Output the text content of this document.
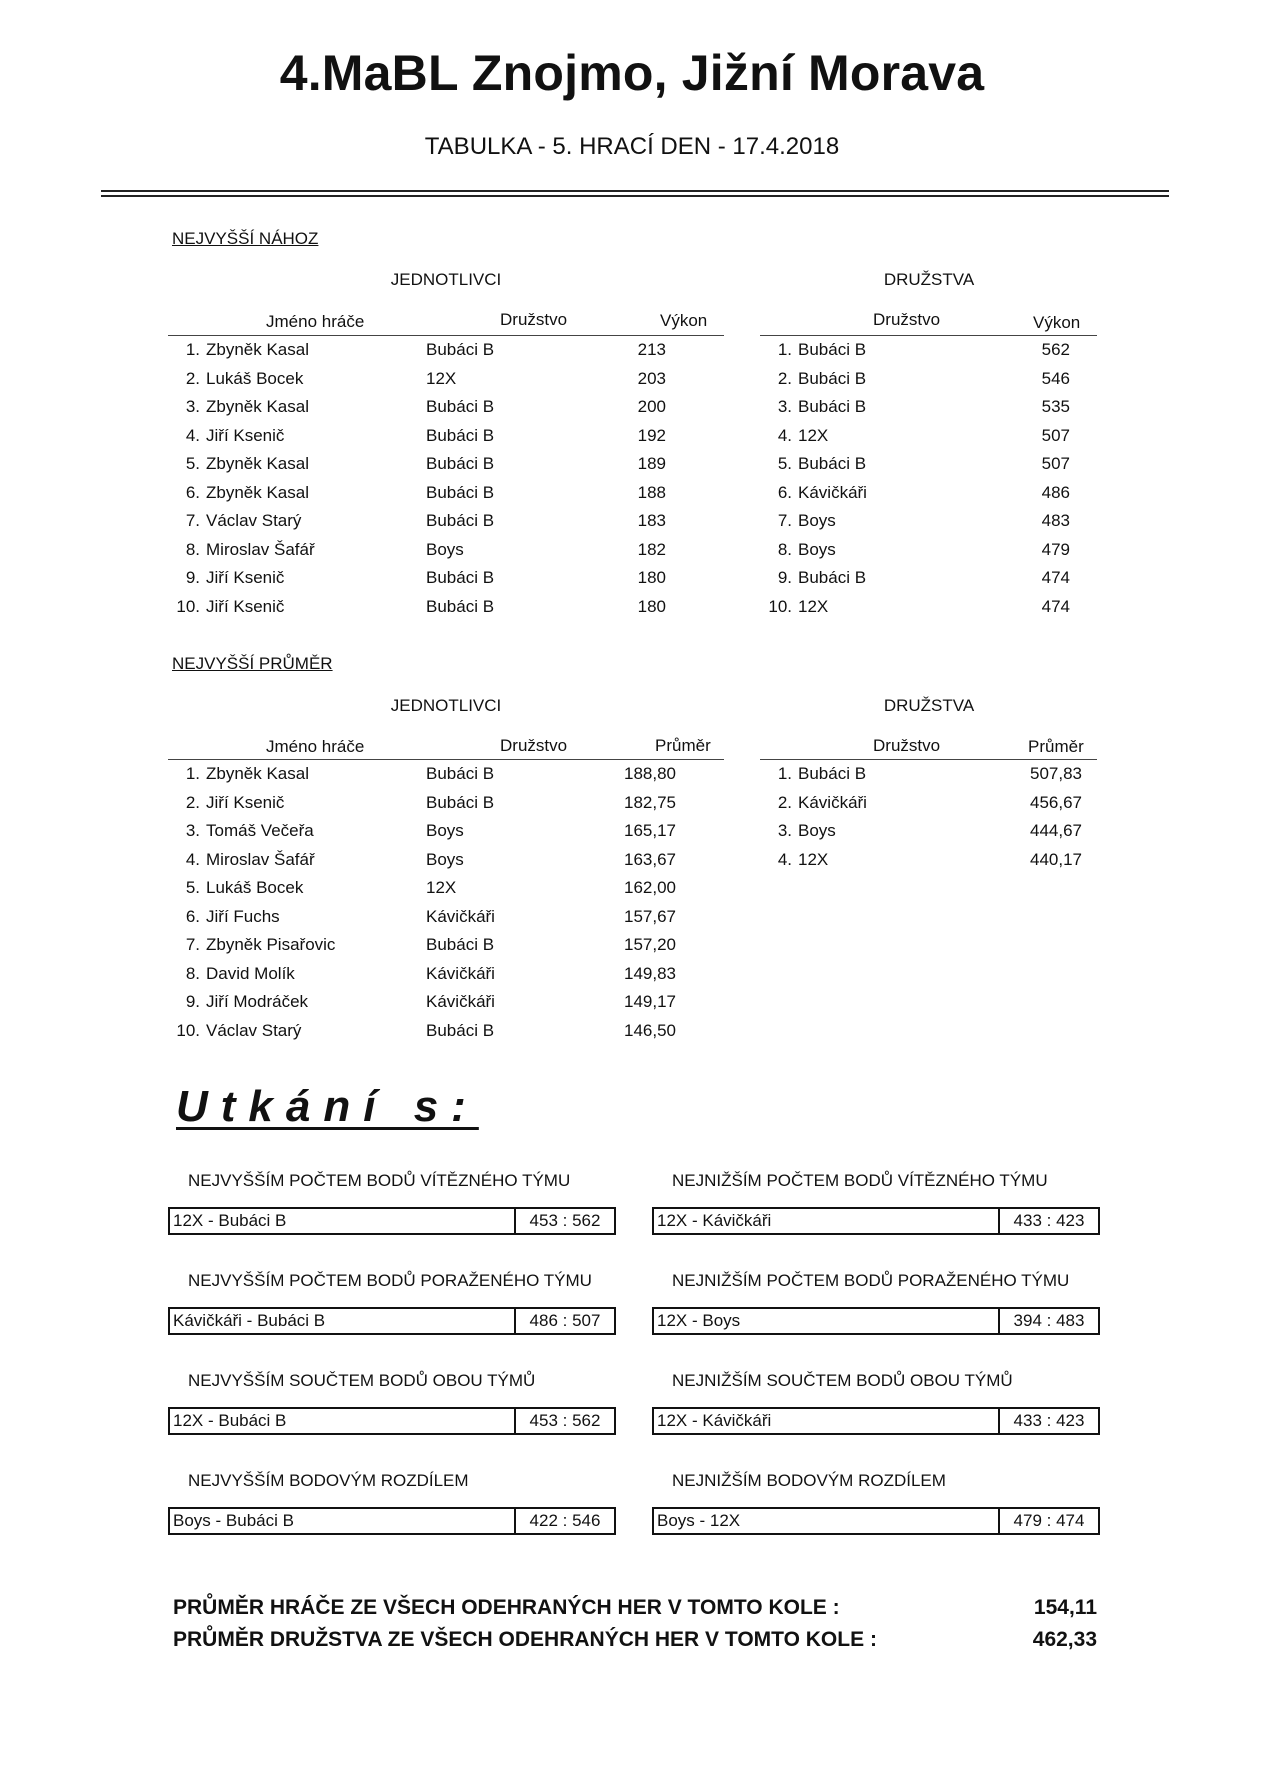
4.MaBL Znojmo, Jižní Morava
TABULKA - 5. HRACÍ DEN - 17.4.2018
NEJVYŠŠÍ NÁHOZ
JEDNOTLIVCI	DRUŽSTVA
Jméno hráče	Družstvo	Výkon	Družstvo	Výkon
1.	Zbyněk Kasal	Bubáci B	213
2.	Lukáš Bocek	12X	203
3.	Zbyněk Kasal	Bubáci B	200
4.	Jiří Ksenič	Bubáci B	192
5.	Zbyněk Kasal	Bubáci B	189
6.	Zbyněk Kasal	Bubáci B	188
7.	Václav Starý	Bubáci B	183
8.	Miroslav Šafář	Boys	182
9.	Jiří Ksenič	Bubáci B	180
10.	Jiří Ksenič	Bubáci B	180
1.	Bubáci B	562
2.	Bubáci B	546
3.	Bubáci B	535
4.	12X	507
5.	Bubáci B	507
6.	Kávičkáři	486
7.	Boys	483
8.	Boys	479
9.	Bubáci B	474
10.	12X	474
NEJVYŠŠÍ PRŮMĚR
JEDNOTLIVCI	DRUŽSTVA
Jméno hráče	Družstvo	Průměr	Družstvo	Průměr
1.	Zbyněk Kasal	Bubáci B	188,80
2.	Jiří Ksenič	Bubáci B	182,75
3.	Tomáš Večeřa	Boys	165,17
4.	Miroslav Šafář	Boys	163,67
5.	Lukáš Bocek	12X	162,00
6.	Jiří Fuchs	Kávičkáři	157,67
7.	Zbyněk Pisařovic	Bubáci B	157,20
8.	David Molík	Kávičkáři	149,83
9.	Jiří Modráček	Kávičkáři	149,17
10.	Václav Starý	Bubáci B	146,50
1.	Bubáci B	507,83
2.	Kávičkáři	456,67
3.	Boys	444,67
4.	12X	440,17
Utkání s:
NEJVYŠŠÍM POČTEM BODŮ VÍTĚZNÉHO TÝMU
12X - Bubáci B	453 : 562
NEJNIŽŠÍM POČTEM BODŮ VÍTĚZNÉHO TÝMU
12X - Kávičkáři	433 : 423
NEJVYŠŠÍM POČTEM BODŮ PORAŽENÉHO TÝMU
Kávičkáři - Bubáci B	486 : 507
NEJNIŽŠÍM POČTEM BODŮ PORAŽENÉHO TÝMU
12X - Boys	394 : 483
NEJVYŠŠÍM SOUČTEM BODŮ OBOU TÝMŮ
12X - Bubáci B	453 : 562
NEJNIŽŠÍM SOUČTEM BODŮ OBOU TÝMŮ
12X - Kávičkáři	433 : 423
NEJVYŠŠÍM BODOVÝM ROZDÍLEM
Boys - Bubáci B	422 : 546
NEJNIŽŠÍM BODOVÝM ROZDÍLEM
Boys - 12X	479 : 474
PRŮMĚR HRÁČE ZE VŠECH ODEHRANÝCH HER V TOMTO KOLE :	154,11
PRŮMĚR DRUŽSTVA ZE VŠECH ODEHRANÝCH HER V TOMTO KOLE :	462,33
